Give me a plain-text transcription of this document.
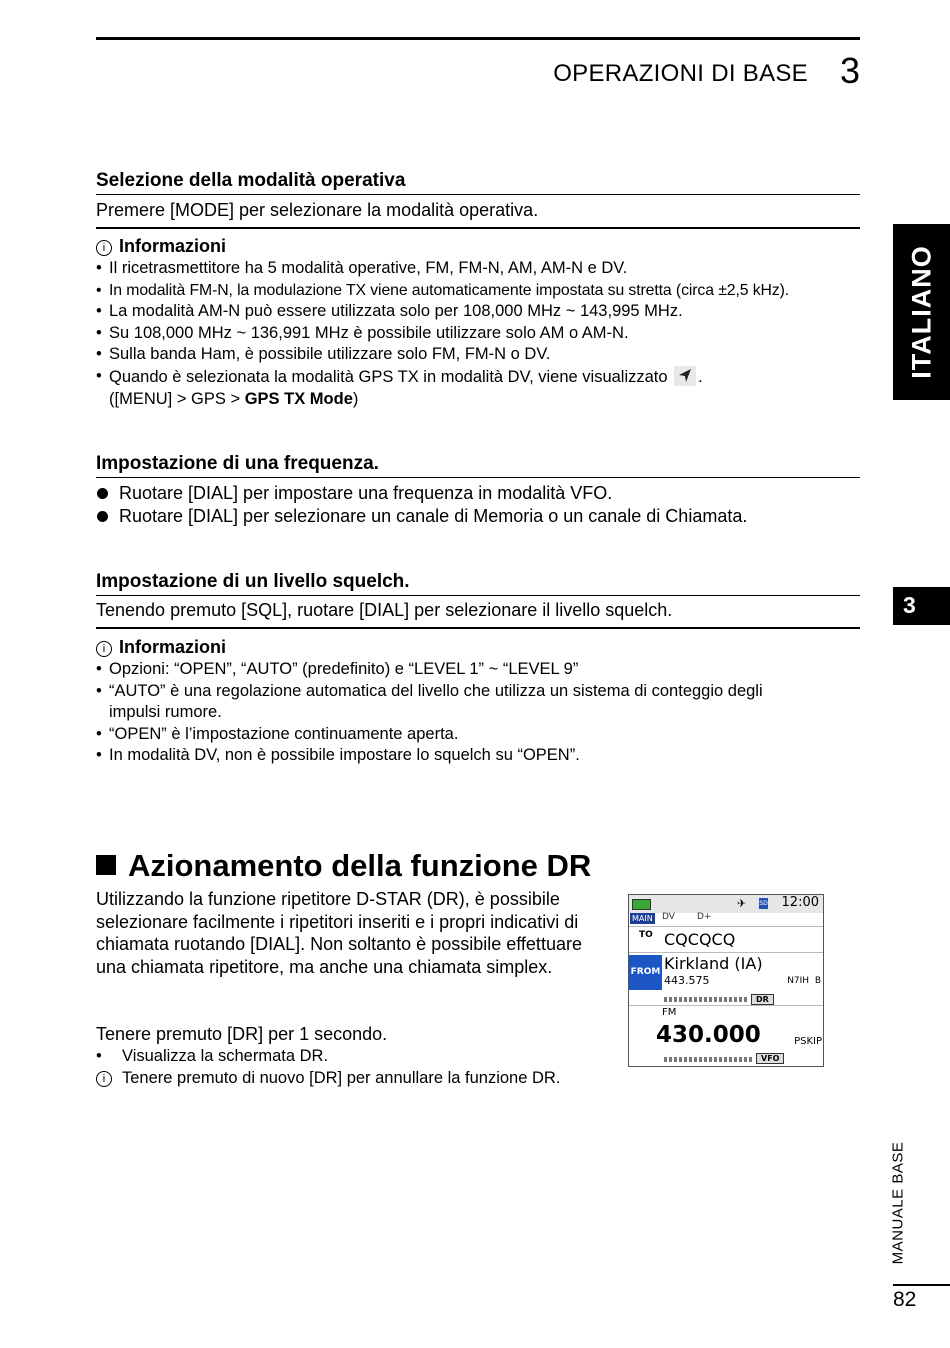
OPERAZIONI DI BASE 3
ITALIANO
3
MANUALE BASE
82
Selezione della modalità operativa
Premere [MODE] per selezionare la modalità operativa.
i Informazioni
• Il ricetrasmettitore ha 5 modalità operative, FM, FM-N, AM, AM-N e DV.
• In modalità FM-N, la modulazione TX viene automaticamente impostata su stretta (circa ±2,5 kHz).
• La modalità AM-N può essere utilizzata solo per 108,000 MHz ~ 143,995 MHz.
• Su 108,000 MHz ~ 136,991 MHz è possibile utilizzare solo AM o AM-N.
• Sulla banda Ham, è possibile utilizzare solo FM, FM-N o DV.
• Quando è selezionata la modalità GPS TX in modalità DV, viene visualizzato .
([MENU] > GPS > GPS TX Mode)
Impostazione di una frequenza.
Ruotare [DIAL] per impostare una frequenza in modalità VFO.
Ruotare [DIAL] per selezionare un canale di Memoria o un canale di Chiamata.
Impostazione di un livello squelch.
Tenendo premuto [SQL], ruotare [DIAL] per selezionare il livello squelch.
i Informazioni
• Opzioni: “OPEN”, “AUTO” (predefinito) e “LEVEL 1” ~ “LEVEL 9”
• “AUTO” è una regolazione automatica del livello che utilizza un sistema di conteggio degli
impulsi rumore.
• “OPEN” è l’impostazione continuamente aperta.
• In modalità DV, non è possibile impostare lo squelch su “OPEN”.
Azionamento della funzione DR
Utilizzando la funzione ripetitore D-STAR (DR), è possibile selezionare facilmente i ripetitori inseriti e i propri indicativi di chiamata ruotando [DIAL]. Non soltanto è possibile effettuare una chiamata ripetitore, ma anche una chiamata simplex.
Tenere premuto [DR] per 1 secondo.
• Visualizza la schermata DR.
i	Tenere premuto di nuovo [DR] per annullare la funzione DR.
✈ SD 12:00
MAIN DV D+
TO CQCQCQ
FROM Kirkland (IA)
443.575	N7IH B
DR
FM
430.000	PSKIP
VFO
